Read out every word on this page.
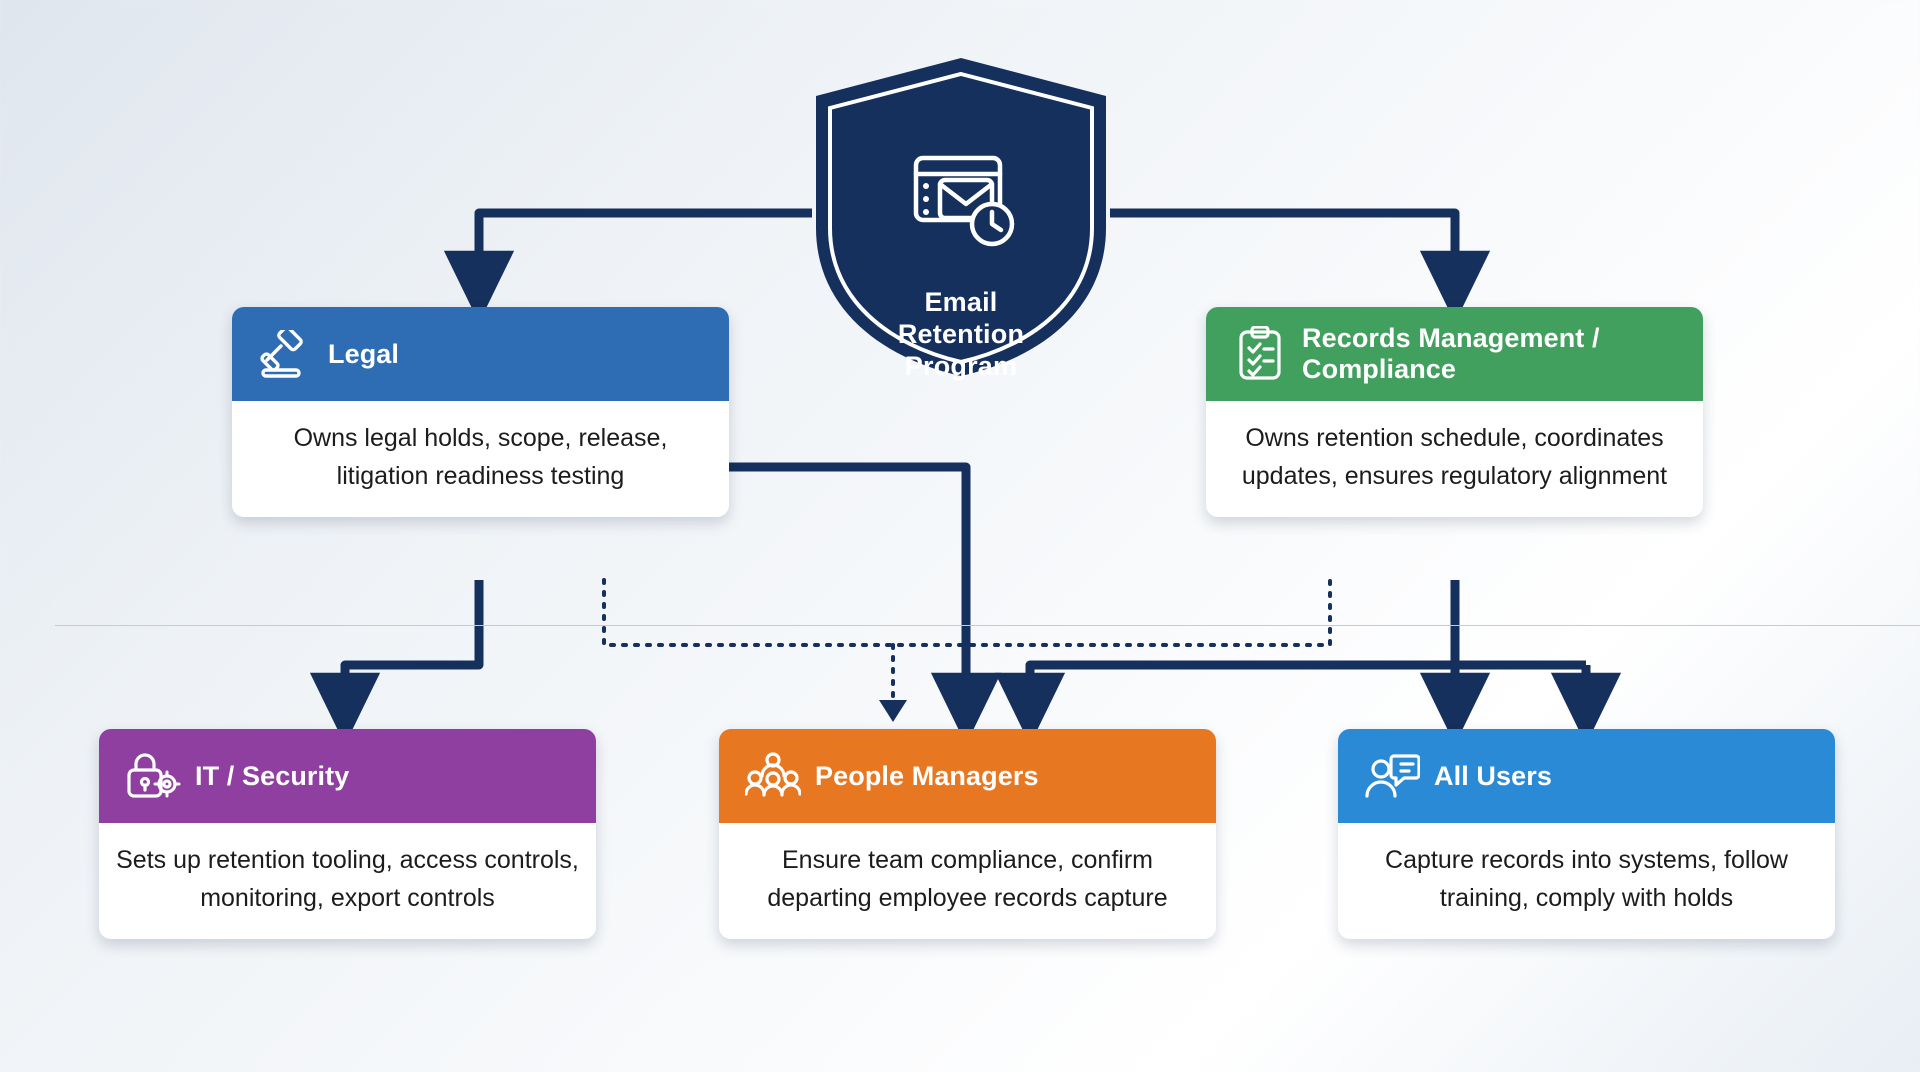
Email
Retention
Program
Legal
Owns legal holds, scope, release, litigation readiness testing
Records Management / Compliance
Owns retention schedule, coordinates updates, ensures regulatory alignment
IT / Security
Sets up retention tooling, access controls, monitoring, export controls
People Managers
Ensure team compliance, confirm departing employee records capture
All Users
Capture records into systems, follow training, comply with holds
